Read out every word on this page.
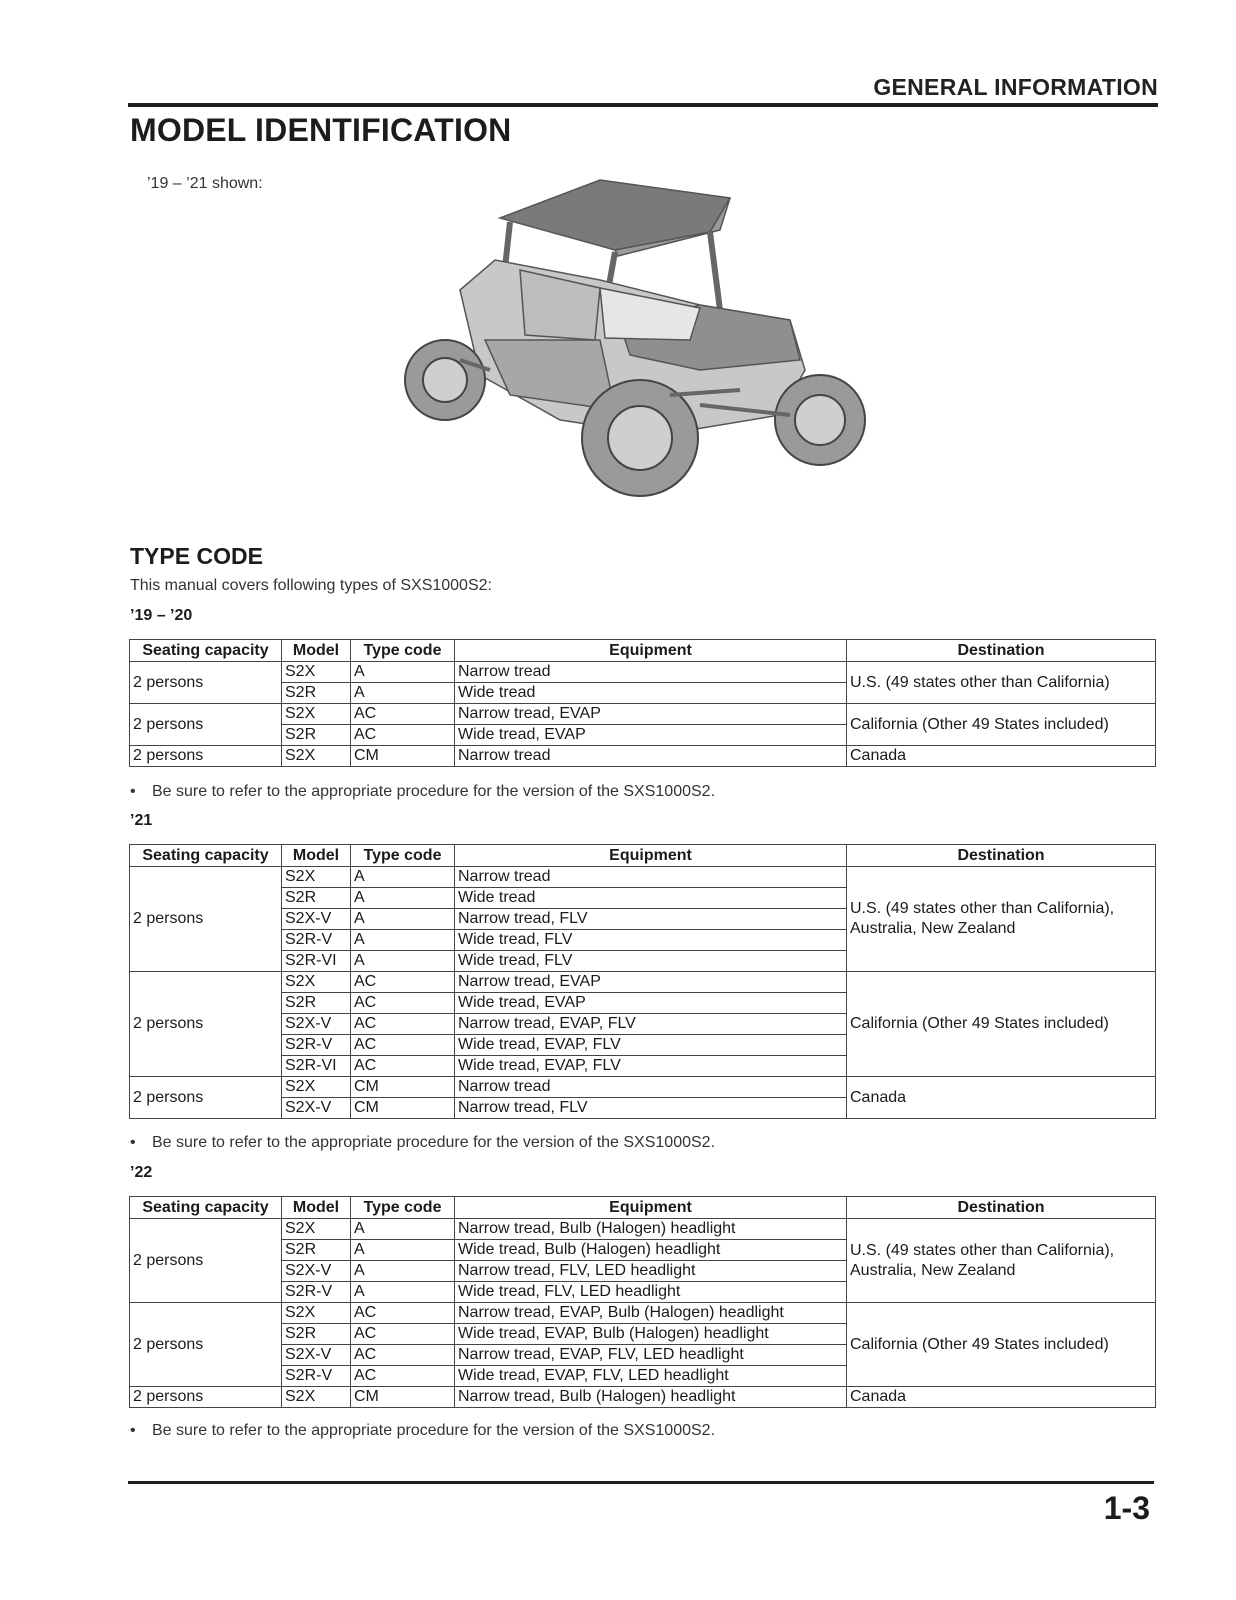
GENERAL INFORMATION
MODEL IDENTIFICATION
’19 – ’21 shown:
TYPE CODE
This manual covers following types of SXS1000S2:
’19 – ’20
Seating capacity	Model	Type code	Equipment	Destination
2 persons	S2X	A	Narrow tread	U.S. (49 states other than California)
	S2R	A	Wide tread	
2 persons	S2X	AC	Narrow tread, EVAP	California (Other 49 States included)
	S2R	AC	Wide tread, EVAP	
2 persons	S2X	CM	Narrow tread	Canada
• Be sure to refer to the appropriate procedure for the version of the SXS1000S2.
’21
Seating capacity	Model	Type code	Equipment	Destination
2 persons	S2X	A	Narrow tread	U.S. (49 states other than California), Australia, New Zealand
	S2R	A	Wide tread	
	S2X-V	A	Narrow tread, FLV	
	S2R-V	A	Wide tread, FLV	
	S2R-VI	A	Wide tread, FLV	
2 persons	S2X	AC	Narrow tread, EVAP	California (Other 49 States included)
	S2R	AC	Wide tread, EVAP	
	S2X-V	AC	Narrow tread, EVAP, FLV	
	S2R-V	AC	Wide tread, EVAP, FLV	
	S2R-VI	AC	Wide tread, EVAP, FLV	
2 persons	S2X	CM	Narrow tread	Canada
	S2X-V	CM	Narrow tread, FLV	
• Be sure to refer to the appropriate procedure for the version of the SXS1000S2.
’22
Seating capacity	Model	Type code	Equipment	Destination
2 persons	S2X	A	Narrow tread, Bulb (Halogen) headlight	U.S. (49 states other than California), Australia, New Zealand
	S2R	A	Wide tread, Bulb (Halogen) headlight	
	S2X-V	A	Narrow tread, FLV, LED headlight	
	S2R-V	A	Wide tread, FLV, LED headlight	
2 persons	S2X	AC	Narrow tread, EVAP, Bulb (Halogen) headlight	California (Other 49 States included)
	S2R	AC	Wide tread, EVAP, Bulb (Halogen) headlight	
	S2X-V	AC	Narrow tread, EVAP, FLV, LED headlight	
	S2R-V	AC	Wide tread, EVAP, FLV, LED headlight	
2 persons	S2X	CM	Narrow tread, Bulb (Halogen) headlight	Canada
• Be sure to refer to the appropriate procedure for the version of the SXS1000S2.
1-3
